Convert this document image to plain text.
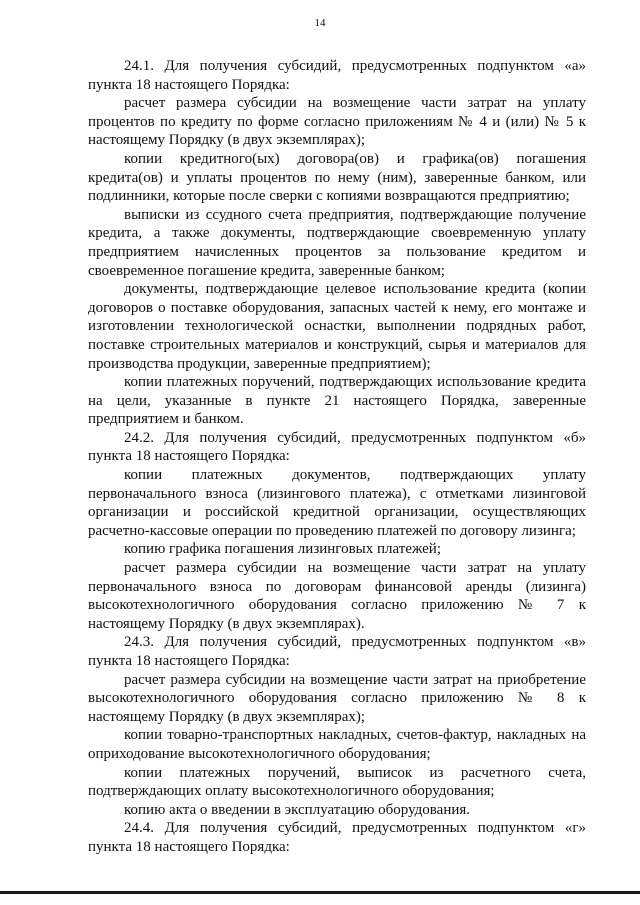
14

24.1. Для получения субсидий, предусмотренных подпунктом «а» пункта 18 настоящего Порядка:

расчет размера субсидии на возмещение части затрат на уплату процентов по кредиту по форме согласно приложениям № 4 и (или) № 5 к настоящему Порядку (в двух экземплярах);

копии кредитного(ых) договора(ов) и графика(ов) погашения кредита(ов) и уплаты процентов по нему (ним), заверенные банком, или подлинники, которые после сверки с копиями возвращаются предприятию;

выписки из ссудного счета предприятия, подтверждающие получение кредита, а также документы, подтверждающие своевременную уплату предприятием начисленных процентов за пользование кредитом и своевременное погашение кредита, заверенные банком;

документы, подтверждающие целевое использование кредита (копии договоров о поставке оборудования, запасных частей к нему, его монтаже и изготовлении технологической оснастки, выполнении подрядных работ, поставке строительных материалов и конструкций, сырья и материалов для производства продукции, заверенные предприятием);

копии платежных поручений, подтверждающих использование кредита на цели, указанные в пункте 21 настоящего Порядка, заверенные предприятием и банком.

24.2. Для получения субсидий, предусмотренных подпунктом «б» пункта 18 настоящего Порядка:

копии платежных документов, подтверждающих уплату первоначального взноса (лизингового платежа), с отметками лизинговой организации и российской кредитной организации, осуществляющих расчетно-кассовые операции по проведению платежей по договору лизинга;

копию графика погашения лизинговых платежей;

расчет размера субсидии на возмещение части затрат на уплату первоначального взноса по договорам финансовой аренды (лизинга) высокотехнологичного оборудования согласно приложению № 7 к настоящему Порядку (в двух экземплярах).

24.3. Для получения субсидий, предусмотренных подпунктом «в» пункта 18 настоящего Порядка:

расчет размера субсидии на возмещение части затрат на приобретение высокотехнологичного оборудования согласно приложению № 8 к настоящему Порядку (в двух экземплярах);

копии товарно-транспортных накладных, счетов-фактур, накладных на оприходование высокотехнологичного оборудования;

копии платежных поручений, выписок из расчетного счета, подтверждающих оплату высокотехнологичного оборудования;

копию акта о введении в эксплуатацию оборудования.

24.4. Для получения субсидий, предусмотренных подпунктом «г» пункта 18 настоящего Порядка:
